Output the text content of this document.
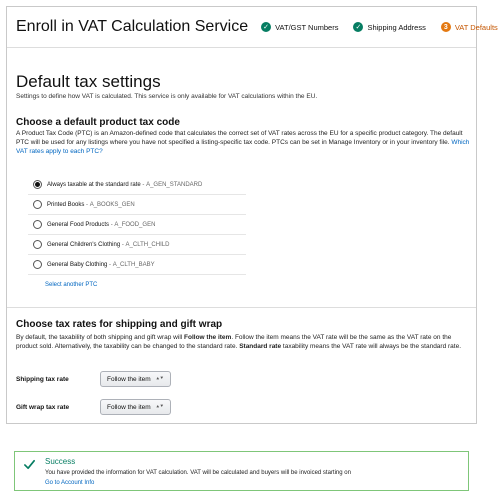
Enroll in VAT Calculation Service ✓ VAT/GST Numbers ✓ Shipping Address	3 VAT Defaults
Default tax settings
Settings to define how VAT is calculated. This service is only available for VAT calculations within the EU.
Choose a default product tax code
A Product Tax Code (PTC) is an Amazon-defined code that calculates the correct set of VAT rates across the EU for a specific product category. The default PTC will be used for any listings where you have not specified a listing-specific tax code. PTCs can be set in Manage Inventory or in your inventory file. Which VAT rates apply to each PTC?
Always taxable at the standard rate - A_GEN_STANDARD
Printed Books - A_BOOKS_GEN
General Food Products - A_FOOD_GEN
General Children's Clothing - A_CLTH_CHILD
General Baby Clothing - A_CLTH_BABY
Select another PTC
Choose tax rates for shipping and gift wrap
By default, the taxability of both shipping and gift wrap will Follow the item. Follow the item means the VAT rate will be the same as the VAT rate on the product sold. Alternatively, the taxability can be changed to the standard rate. Standard rate taxability means the VAT rate will always be the standard rate.
Shipping tax rate	Follow the item ⯅⯆
Gift wrap tax rate	Follow the item ⯅⯆
Success
You have provided the information for VAT calculation. VAT will be calculated and buyers will be invoiced starting on
Go to Account Info
